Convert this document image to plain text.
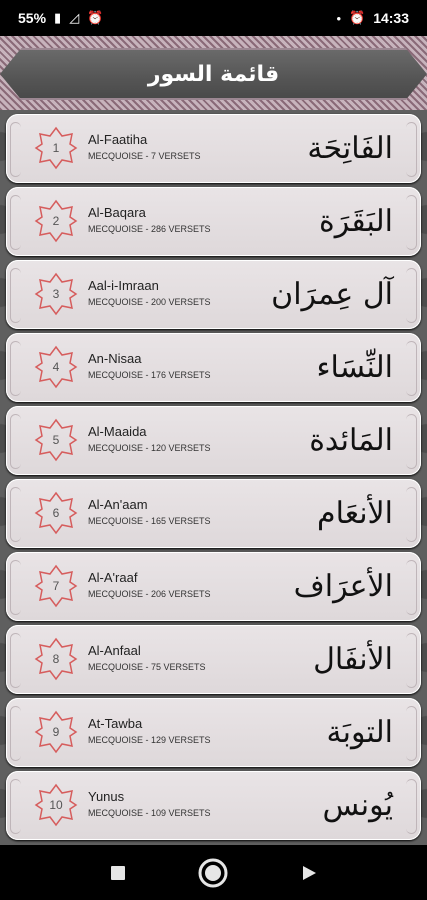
55% ▮ ◿ ⏰	• ⏰ 14:33
قائمة السور
1
Al-Faatiha
MECQUOISE - 7 VERSETS	الفَاتِحَة
2
Al-Baqara
MECQUOISE - 286 VERSETS	البَقَرَة
3
Aal-i-Imraan
MECQUOISE - 200 VERSETS آل عِمرَان
4
An-Nisaa
MECQUOISE - 176 VERSETS	النِّسَاء
5
Al-Maaida
MECQUOISE - 120 VERSETS	المَائدة
6
Al-An'aam
MECQUOISE - 165 VERSETS	الأنعَام
7
Al-A'raaf
MECQUOISE - 206 VERSETS	الأعرَاف
8
Al-Anfaal
MECQUOISE - 75 VERSETS	الأنفَال
9
At-Tawba
MECQUOISE - 129 VERSETS	التوبَة
10
Yunus
MECQUOISE - 109 VERSETS	يُونس
